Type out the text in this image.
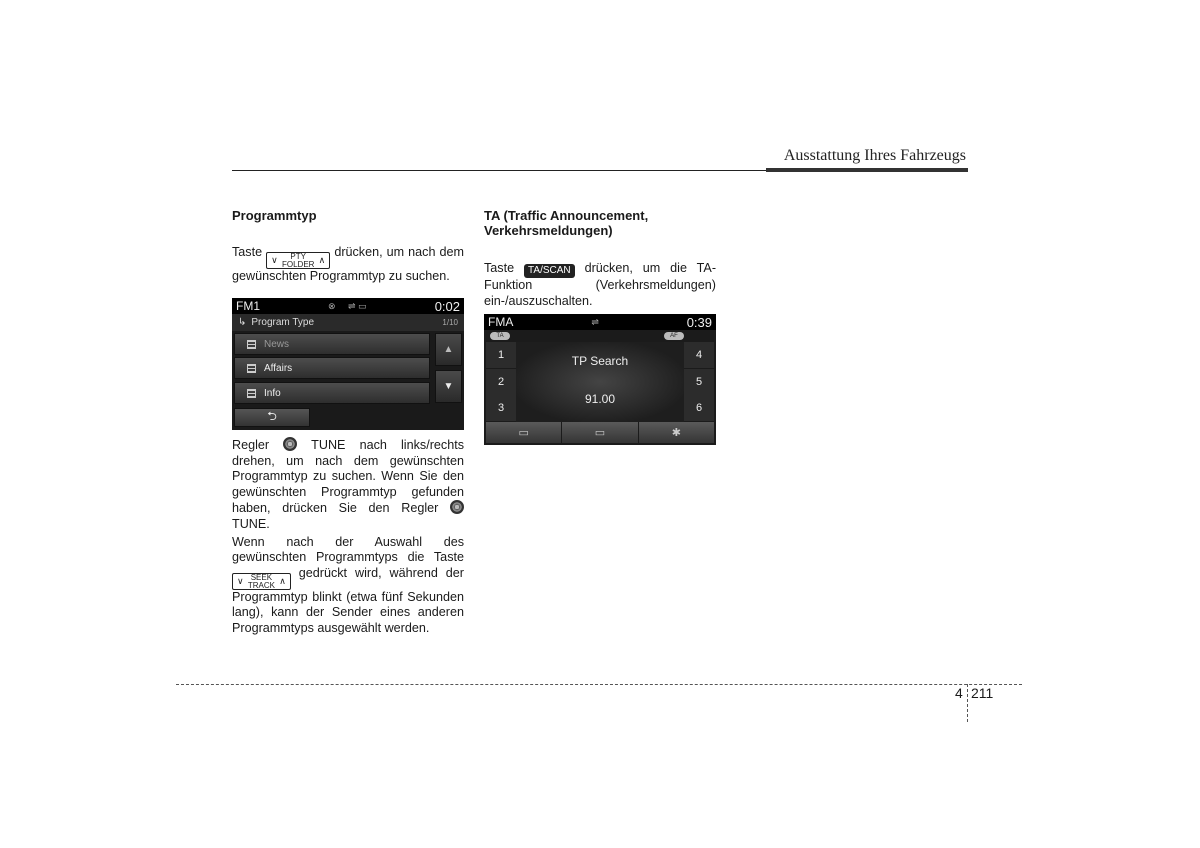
Ausstattung Ihres Fahrzeugs
Programmtyp

Taste ∨ PTY
FOLDER ∧ drücken, um nach dem gewünschten Programmtyp zu suchen.

FM1	⊗     ⇌ ▭	0:02
↳ Program Type	1/10
News
Affairs
Info
▲
▼
⮌

Regler	TUNE nach links/rechts drehen, um nach dem gewünschten Programmtyp zu suchen. Wenn Sie den gewünschten Programmtyp gefunden haben, drücken Sie den Regler  TUNE.

Wenn nach der Auswahl des gewünschten Programmtyps die Taste ∨ SEEK
TRACK ∧ gedrückt wird, während der Programmtyp blinkt (etwa fünf Sekunden lang), kann der Sender eines anderen Programmtyps ausgewählt werden.

TA (Traffic Announcement, Verkehrsmeldungen)

Taste TA/SCAN drücken, um die TA-Funktion (Verkehrsmeldungen) ein-/auszuschalten.

FMA	⇌	0:39
TA	AF
1
2
3
4
5
6
TP Search
91.00
▭	▭	✱
4 211
